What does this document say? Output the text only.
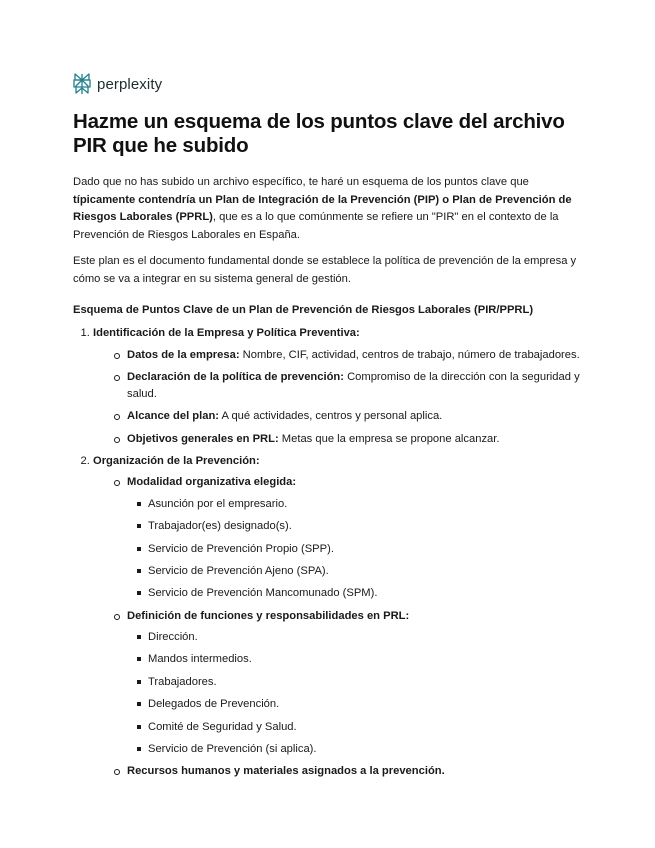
perplexity
Hazme un esquema de los puntos clave del archivo PIR que he subido

Dado que no has subido un archivo específico, te haré un esquema de los puntos clave que típicamente contendría un Plan de Integración de la Prevención (PIP) o Plan de Prevención de Riesgos Laborales (PPRL), que es a lo que comúnmente se refiere un "PIR" en el contexto de la Prevención de Riesgos Laborales en España.

Este plan es el documento fundamental donde se establece la política de prevención de la empresa y cómo se va a integrar en su sistema general de gestión.

Esquema de Puntos Clave de un Plan de Prevención de Riesgos Laborales (PIR/PPRL)
1. Identificación de la Empresa y Política Preventiva:
Datos de la empresa: Nombre, CIF, actividad, centros de trabajo, número de trabajadores.
Declaración de la política de prevención: Compromiso de la dirección con la seguridad y salud.
Alcance del plan: A qué actividades, centros y personal aplica.
Objetivos generales en PRL: Metas que la empresa se propone alcanzar.
2. Organización de la Prevención:
Modalidad organizativa elegida:
Asunción por el empresario.
Trabajador(es) designado(s).
Servicio de Prevención Propio (SPP).
Servicio de Prevención Ajeno (SPA).
Servicio de Prevención Mancomunado (SPM).
Definición de funciones y responsabilidades en PRL:
Dirección.
Mandos intermedios.
Trabajadores.
Delegados de Prevención.
Comité de Seguridad y Salud.
Servicio de Prevención (si aplica).
Recursos humanos y materiales asignados a la prevención.
